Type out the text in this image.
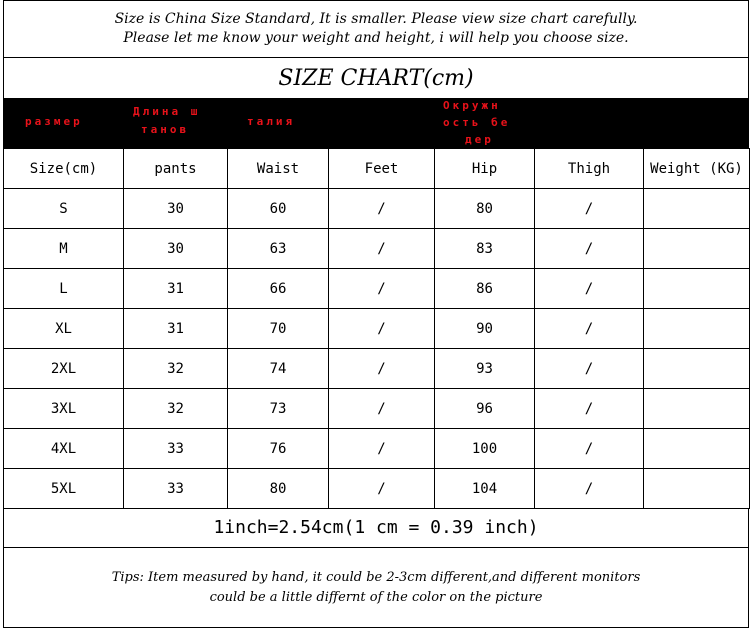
Size is China Size Standard, It is smaller. Please view size chart carefully.
Please let me know your weight and height, i will help you choose size.
SIZE CHART(cm)
размер
Длина ш
танов
талия
Окружн
ость бе
дер
Size(cm)	pants	Waist	Feet	Hip	Thigh	Weight (KG)
S	30	60	/	80	/	
M	30	63	/	83	/	
L	31	66	/	86	/	
XL	31	70	/	90	/	
2XL	32	74	/	93	/	
3XL	32	73	/	96	/	
4XL	33	76	/	100	/	
5XL	33	80	/	104	/	
1inch=2.54cm(1 cm = 0.39 inch)
Tips: Item measured by hand, it could be 2-3cm different,and different monitors
could be a little differnt of the color on the picture
